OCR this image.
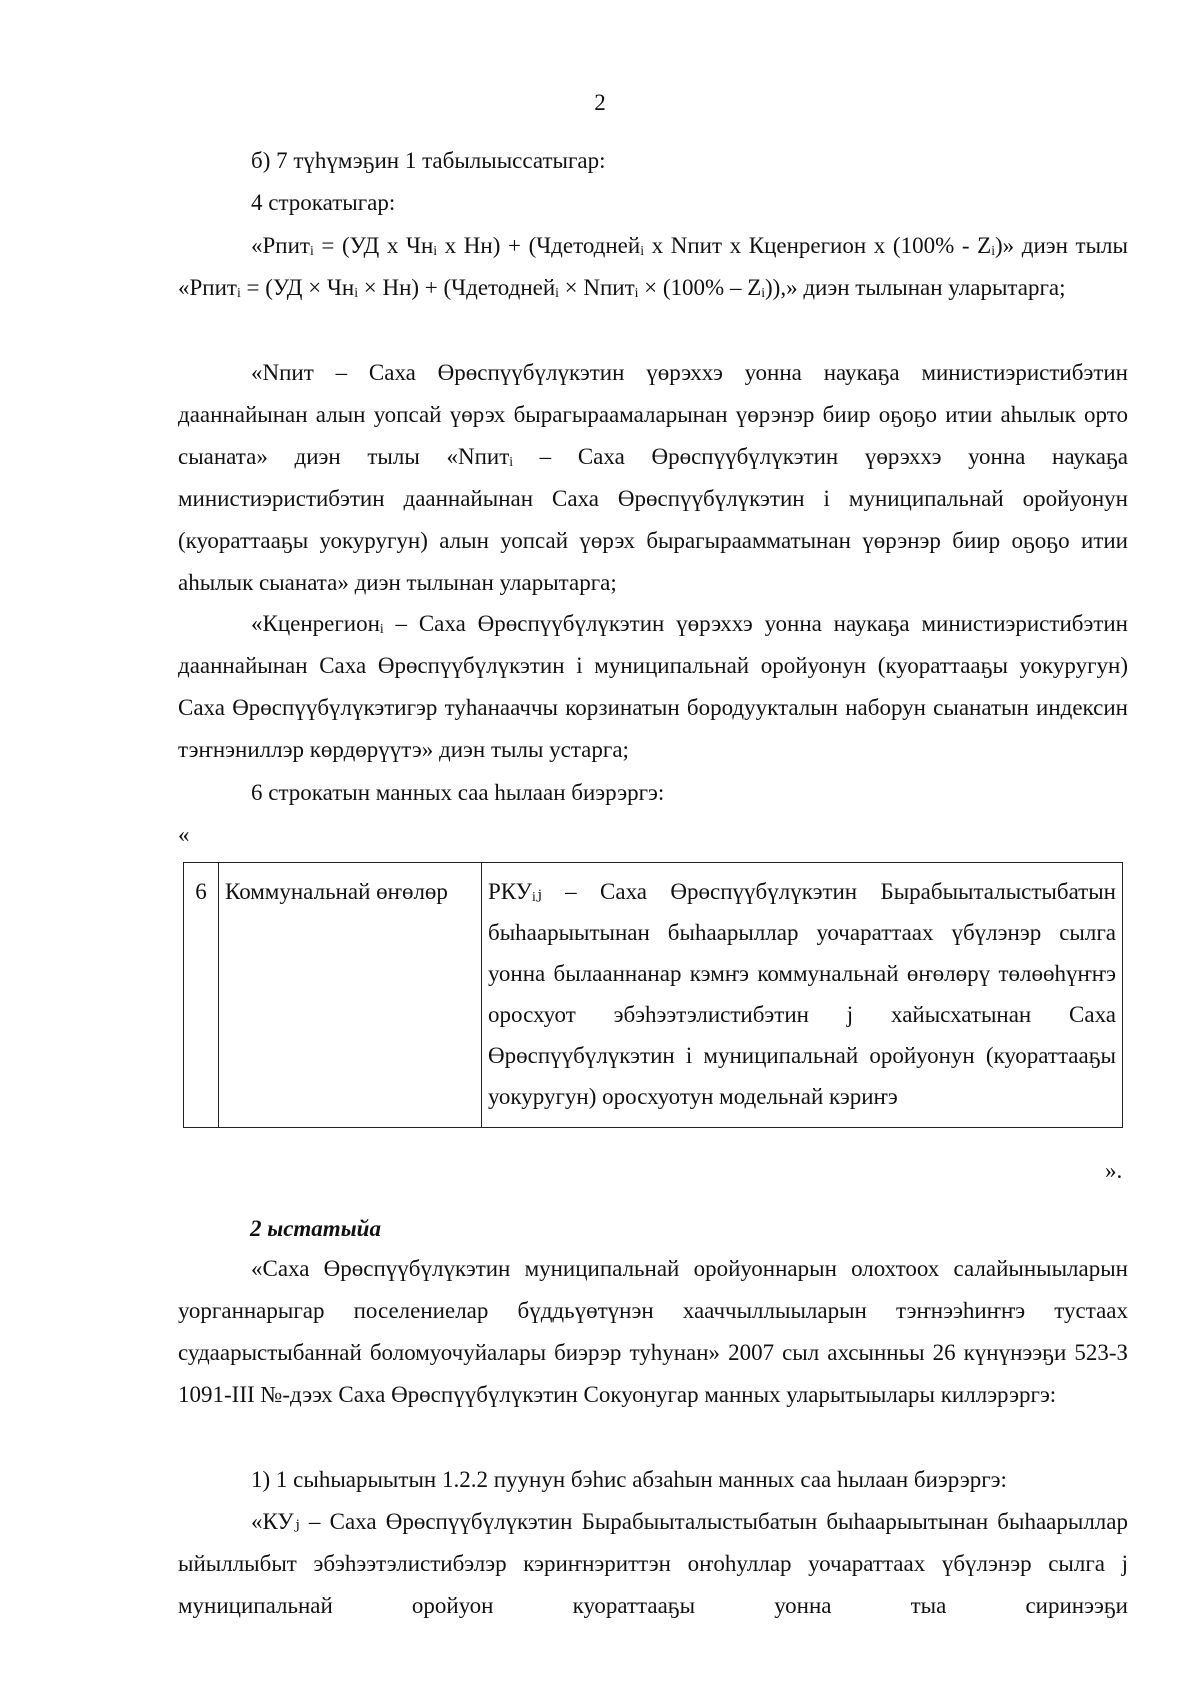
2

б) 7 түһүмэҕин 1 табылыыссатыгар:

4 строкатыгар:

«Рпитᵢ = (УД х Чнᵢ х Нн) + (Чдетоднейᵢ х Nпит х Кценрегион х (100% - Zᵢ)» диэн тылы «Рпитᵢ = (УД × Чнᵢ × Нн) + (Чдетоднейᵢ × Nпитᵢ × (100% – Zᵢ)),» диэн тылынан уларытарга;

«Nпит – Саха Өрөспүүбүлүкэтин үөрэххэ уонна наукаҕа министиэристибэтин дааннайынан алын уопсай үөрэх бырагыраамаларынан үөрэнэр биир оҕоҕо итии аһылык орто сыаната» диэн тылы «Nпитᵢ – Саха Өрөспүүбүлүкэтин үөрэххэ уонна наукаҕа министиэристибэтин дааннайынан Саха Өрөспүүбүлүкэтин i муниципальнай оройуонун (куораттааҕы уокуругун) алын уопсай үөрэх бырагыраамматынан үөрэнэр биир оҕоҕо итии аһылык сыаната» диэн тылынан уларытарга;

«Кценрегионᵢ – Саха Өрөспүүбүлүкэтин үөрэххэ уонна наукаҕа министиэристибэтин дааннайынан Саха Өрөспүүбүлүкэтин i муниципальнай оройуонун (куораттааҕы уокуругун) Саха Өрөспүүбүлүкэтигэр туһанааччы корзинатын бородуукталын наборун сыанатын индексин тэҥнэниллэр көрдөрүүтэ» диэн тылы устарга;

6 строкатын манных саа һылаан биэрэргэ:

«
6	Коммунальнай өҥөлөр	РКУᵢⱼ – Саха Өрөспүүбүлүкэтин Бырабыыталыстыбатын быһаарыытынан быһаарыллар уочараттаах үбүлэнэр сылга уонна былааннанар кэмҥэ коммунальнай өҥөлөрү төлөөһүҥҥэ оросхуот эбэһээтэлистибэтин j хайысхатынан Саха Өрөспүүбүлүкэтин i муниципальнай оройуонун (куораттааҕы уокуругун) оросхуотун модельнай кэриҥэ
».
2 ыстатыйа

«Саха Өрөспүүбүлүкэтин муниципальнай оройуоннарын олохтоох салайыныыларын уорганнарыгар поселениелар бүддьүөтүнэн хааччыллыыларын тэҥнээһиҥҥэ тустаах судаарыстыбаннай боломуочуйалары биэрэр туһунан» 2007 сыл ахсынньы 26 күнүнээҕи 523-З 1091-III №-дээх Саха Өрөспүүбүлүкэтин Сокуонугар манных уларытыылары киллэрэргэ:

1) 1 сыһыарыытын 1.2.2 пуунун бэһис абзаһын манных саа һылаан биэрэргэ:

«КУⱼ – Саха Өрөспүүбүлүкэтин Бырабыыталыстыбатын быһаарыытынан быһаарыллар ыйыллыбыт эбэһээтэлистибэлэр кэриҥнэриттэн оҥоһуллар уочараттаах үбүлэнэр сылга j муниципальнай оройуон куораттааҕы уонна тыа сиринээҕи
